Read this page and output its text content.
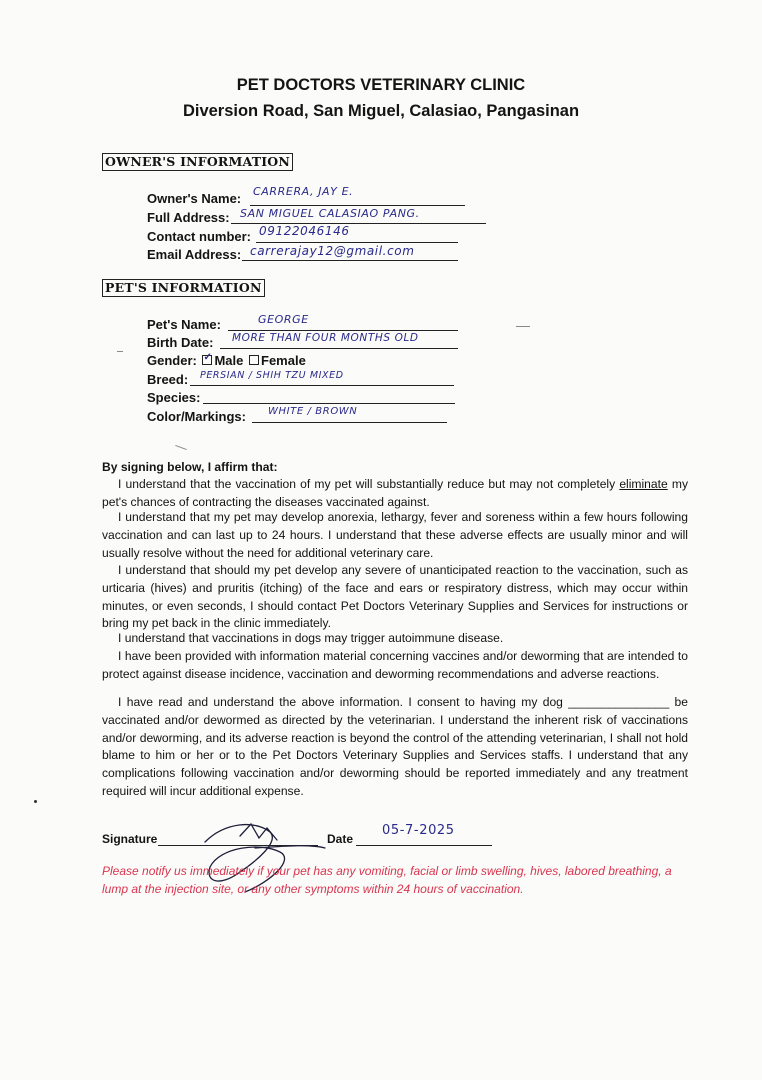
PET DOCTORS VETERINARY CLINIC
Diversion Road, San Miguel, Calasiao, Pangasinan
OWNER'S INFORMATION
Owner's Name: CARRERA, JAY E.
Full Address: SAN MIGUEL CALASIAO PANG.
Contact number: 09122046146
Email Address: carrerajay12@gmail.com
PET'S INFORMATION
Pet's Name:	GEORGE
Birth Date: MORE THAN FOUR MONTHS OLD
Gender: ✓ Male Female
Breed: PERSIAN / SHIH TZU MIXED
Species:
Color/Markings: WHITE / BROWN
By signing below, I affirm that:
I understand that the vaccination of my pet will substantially reduce but may not completely eliminate my pet's chances of contracting the diseases vaccinated against.
I understand that my pet may develop anorexia, lethargy, fever and soreness within a few hours following vaccination and can last up to 24 hours. I understand that these adverse effects are usually minor and will usually resolve without the need for additional veterinary care.
I understand that should my pet develop any severe of unanticipated reaction to the vaccination, such as urticaria (hives) and pruritis (itching) of the face and ears or respiratory distress, which may occur within minutes, or even seconds, I should contact Pet Doctors Veterinary Supplies and Services for instructions or bring my pet back in the clinic immediately.
I understand that vaccinations in dogs may trigger autoimmune disease.
I have been provided with information material concerning vaccines and/or deworming that are intended to protect against disease incidence, vaccination and deworming recommendations and adverse reactions.
I have read and understand the above information. I consent to having my dog _______________ be vaccinated and/or dewormed as directed by the veterinarian. I understand the inherent risk of vaccinations and/or deworming, and its adverse reaction is beyond the control of the attending veterinarian, I shall not hold blame to him or her or to the Pet Doctors Veterinary Supplies and Services staffs. I understand that any complications following vaccination and/or deworming should be reported immediately and any treatment required will incur additional expense.
Signature	Date
05-7-2025
Please notify us immediately if your pet has any vomiting, facial or limb swelling, hives, labored breathing, a lump at the injection site, or any other symptoms within 24 hours of vaccination.
